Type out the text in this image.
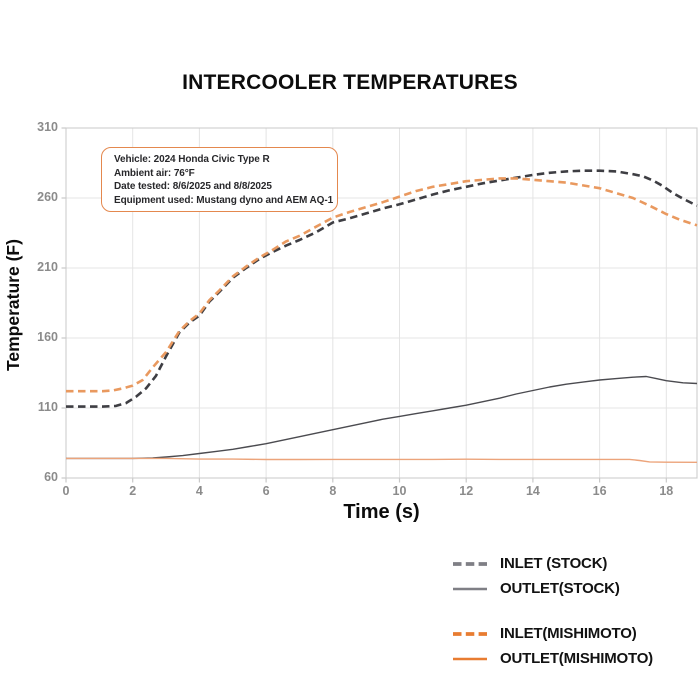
INTERCOOLER TEMPERATURES
0	2	4	6	8	10	12	14	16	18
60
110
160
210
260
310
Temperature (F)
Time (s)
Vehicle: 2024 Honda Civic Type R
Ambient air: 76°F
Date tested: 8/6/2025 and 8/8/2025
Equipment used: Mustang dyno and AEM AQ-1
INLET (STOCK)
OUTLET(STOCK)
INLET(MISHIMOTO)
OUTLET(MISHIMOTO)
